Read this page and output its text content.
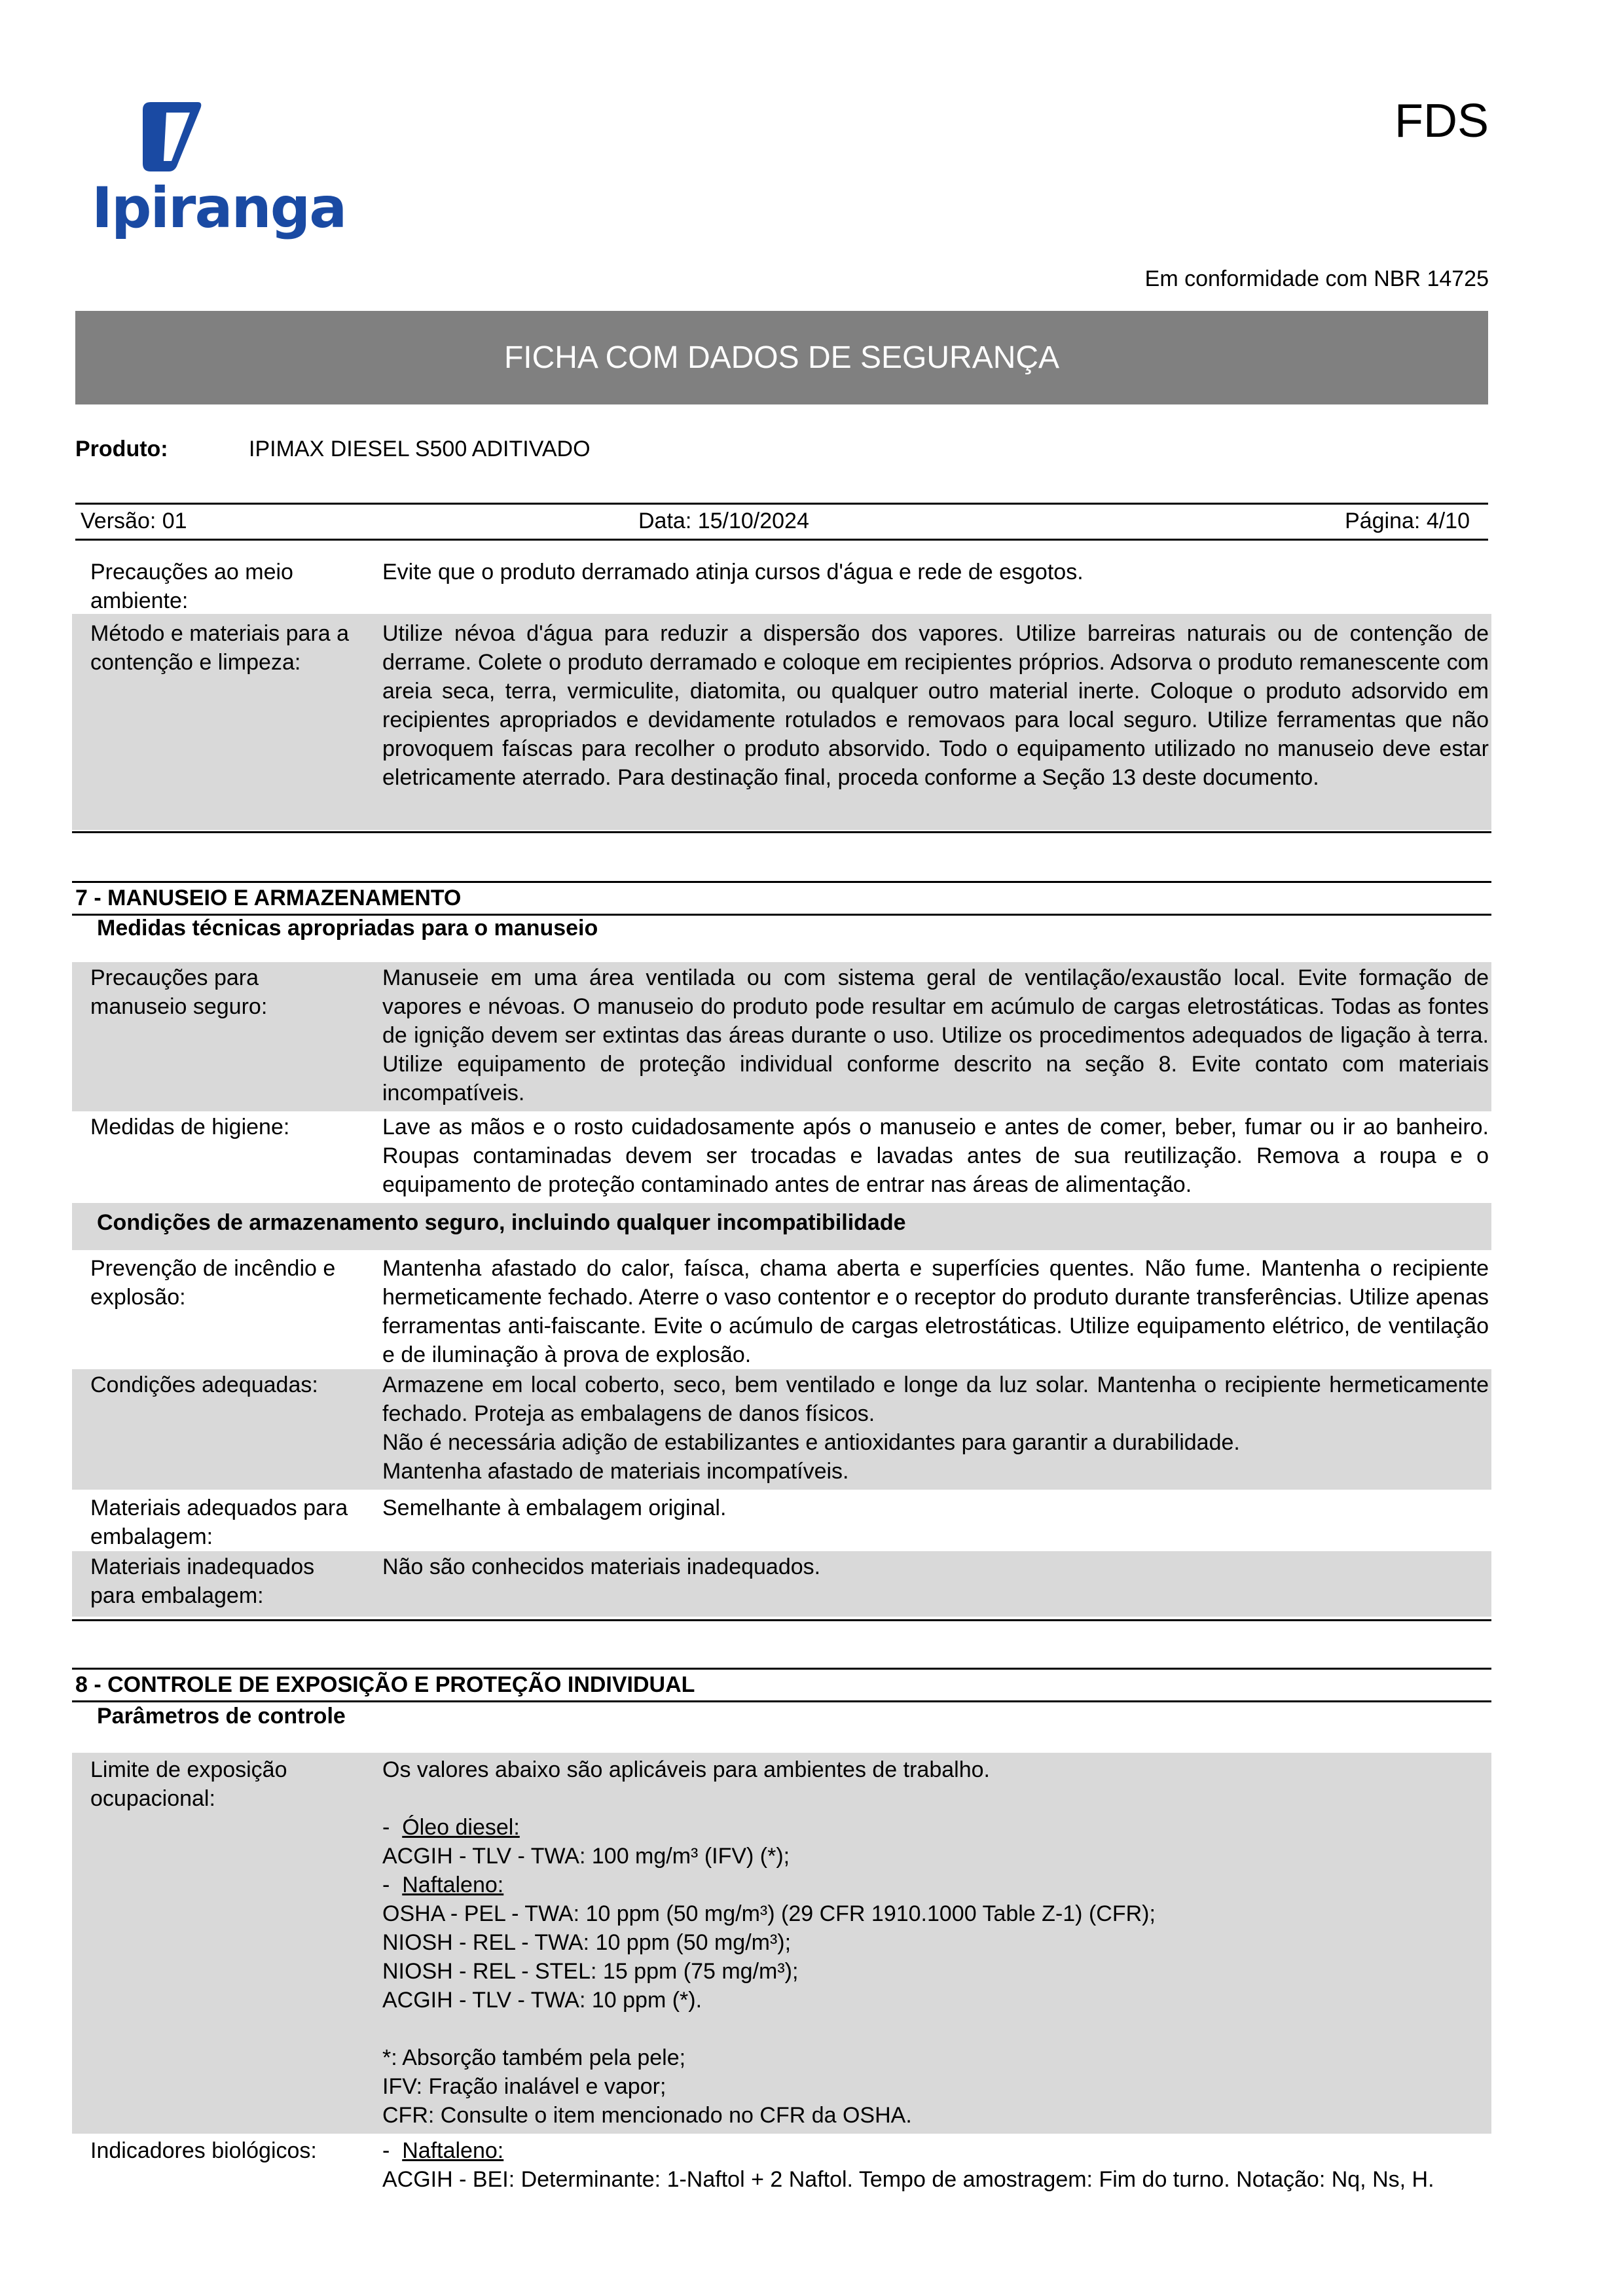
Ipiranga
FDS
Em conformidade com NBR 14725
FICHA COM DADOS DE SEGURANÇA
Produto:	IPIMAX DIESEL S500 ADITIVADO
Versão: 01	Data: 15/10/2024	Página: 4/10
Precauções ao meio ambiente:
Evite que o produto derramado atinja cursos d'água e rede de esgotos.
Método e materiais para a contenção e limpeza:
Utilize névoa d'água para reduzir a dispersão dos vapores. Utilize barreiras naturais ou de contenção de derrame. Colete o produto derramado e coloque em recipientes próprios. Adsorva o produto remanescente com areia seca, terra, vermiculite, diatomita, ou qualquer outro material inerte. Coloque o produto adsorvido em recipientes apropriados e devidamente rotulados e removaos para local seguro. Utilize ferramentas que não provoquem faíscas para recolher o produto absorvido. Todo o equipamento utilizado no manuseio deve estar eletricamente aterrado. Para destinação final, proceda conforme a Seção 13 deste documento.
7 - MANUSEIO E ARMAZENAMENTO
Medidas técnicas apropriadas para o manuseio
Precauções para manuseio seguro:
Manuseie em uma área ventilada ou com sistema geral de ventilação/exaustão local. Evite formação de vapores e névoas. O manuseio do produto pode resultar em acúmulo de cargas eletrostáticas. Todas as fontes de ignição devem ser extintas das áreas durante o uso. Utilize os procedimentos adequados de ligação à terra. Utilize equipamento de proteção individual conforme descrito na seção 8. Evite contato com materiais incompatíveis.
Medidas de higiene:	Lave as mãos e o rosto cuidadosamente após o manuseio e antes de comer, beber, fumar ou ir ao banheiro. Roupas contaminadas devem ser trocadas e lavadas antes de sua reutilização. Remova a roupa e o equipamento de proteção contaminado antes de entrar nas áreas de alimentação.
Condições de armazenamento seguro, incluindo qualquer incompatibilidade
Prevenção de incêndio e explosão:
Mantenha afastado do calor, faísca, chama aberta e superfícies quentes. Não fume. Mantenha o recipiente hermeticamente fechado. Aterre o vaso contentor e o receptor do produto durante transferências. Utilize apenas ferramentas anti-faiscante. Evite o acúmulo de cargas eletrostáticas. Utilize equipamento elétrico, de ventilação e de iluminação à prova de explosão.
Condições adequadas:	Armazene em local coberto, seco, bem ventilado e longe da luz solar. Mantenha o recipiente hermeticamente fechado. Proteja as embalagens de danos físicos.

Não é necessária adição de estabilizantes e antioxidantes para garantir a durabilidade.

Mantenha afastado de materiais incompatíveis.

Materiais adequados para embalagem:
Semelhante à embalagem original.
Materiais inadequados para embalagem:
Não são conhecidos materiais inadequados.
8 - CONTROLE DE EXPOSIÇÃO E PROTEÇÃO INDIVIDUAL
Parâmetros de controle
Limite de exposição ocupacional:

Os valores abaixo são aplicáveis para ambientes de trabalho.

- Óleo diesel:

ACGIH - TLV - TWA: 100 mg/m³ (IFV) (*);

- Naftaleno:

OSHA - PEL - TWA: 10 ppm (50 mg/m³) (29 CFR 1910.1000 Table Z-1) (CFR);

NIOSH - REL - TWA: 10 ppm (50 mg/m³);

NIOSH - REL - STEL: 15 ppm (75 mg/m³);

ACGIH - TLV - TWA: 10 ppm (*).

*: Absorção também pela pele;

IFV: Fração inalável e vapor;

CFR: Consulte o item mencionado no CFR da OSHA.

Indicadores biológicos:	- Naftaleno:

ACGIH - BEI: Determinante: 1-Naftol + 2 Naftol. Tempo de amostragem: Fim do turno. Notação: Nq, Ns, H.
